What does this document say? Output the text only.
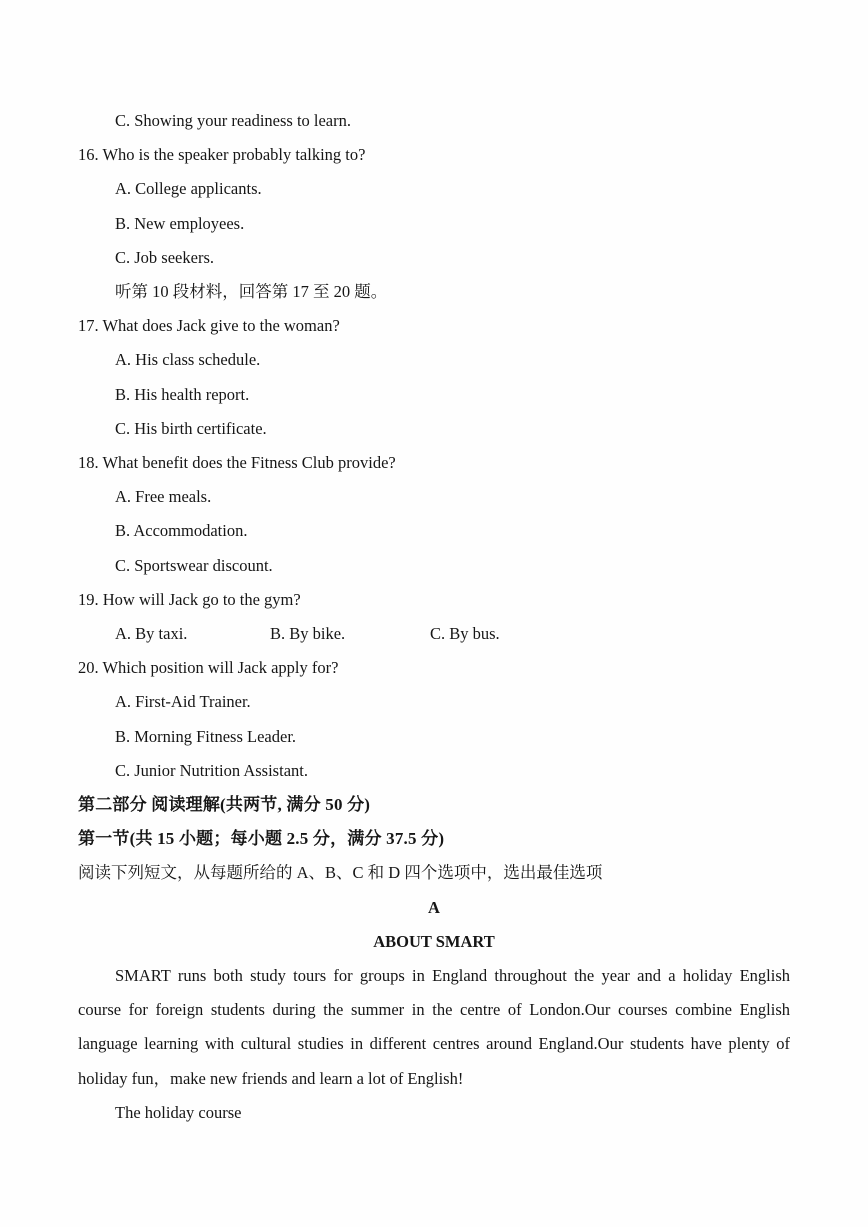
C. Showing your readiness to learn.
16. Who is the speaker probably talking to?
A. College applicants.
B. New employees.
C. Job seekers.
听第 10 段材料，回答第 17 至 20 题。
17. What does Jack give to the woman?
A. His class schedule.
B. His health report.
C. His birth certificate.
18. What benefit does the Fitness Club provide?
A. Free meals.
B. Accommodation.
C. Sportswear discount.
19. How will Jack go to the gym?
A. By taxi.	B. By bike.	C. By bus.
20. Which position will Jack apply for?
A. First-Aid Trainer.
B. Morning Fitness Leader.
C. Junior Nutrition Assistant.
第二部分 阅读理解(共两节, 满分 50 分)
第一节(共 15 小题；每小题 2.5 分，满分 37.5 分)
阅读下列短文，从每题所给的 A、B、C 和 D 四个选项中，选出最佳选项
A
ABOUT SMART
SMART runs both study tours for groups in England throughout the year and a holiday English course for foreign students during the summer in the centre of London.Our courses combine English language learning with cultural studies in different centres around England.Our students have plenty of holiday fun，make new friends and learn a lot of English!
The holiday course
